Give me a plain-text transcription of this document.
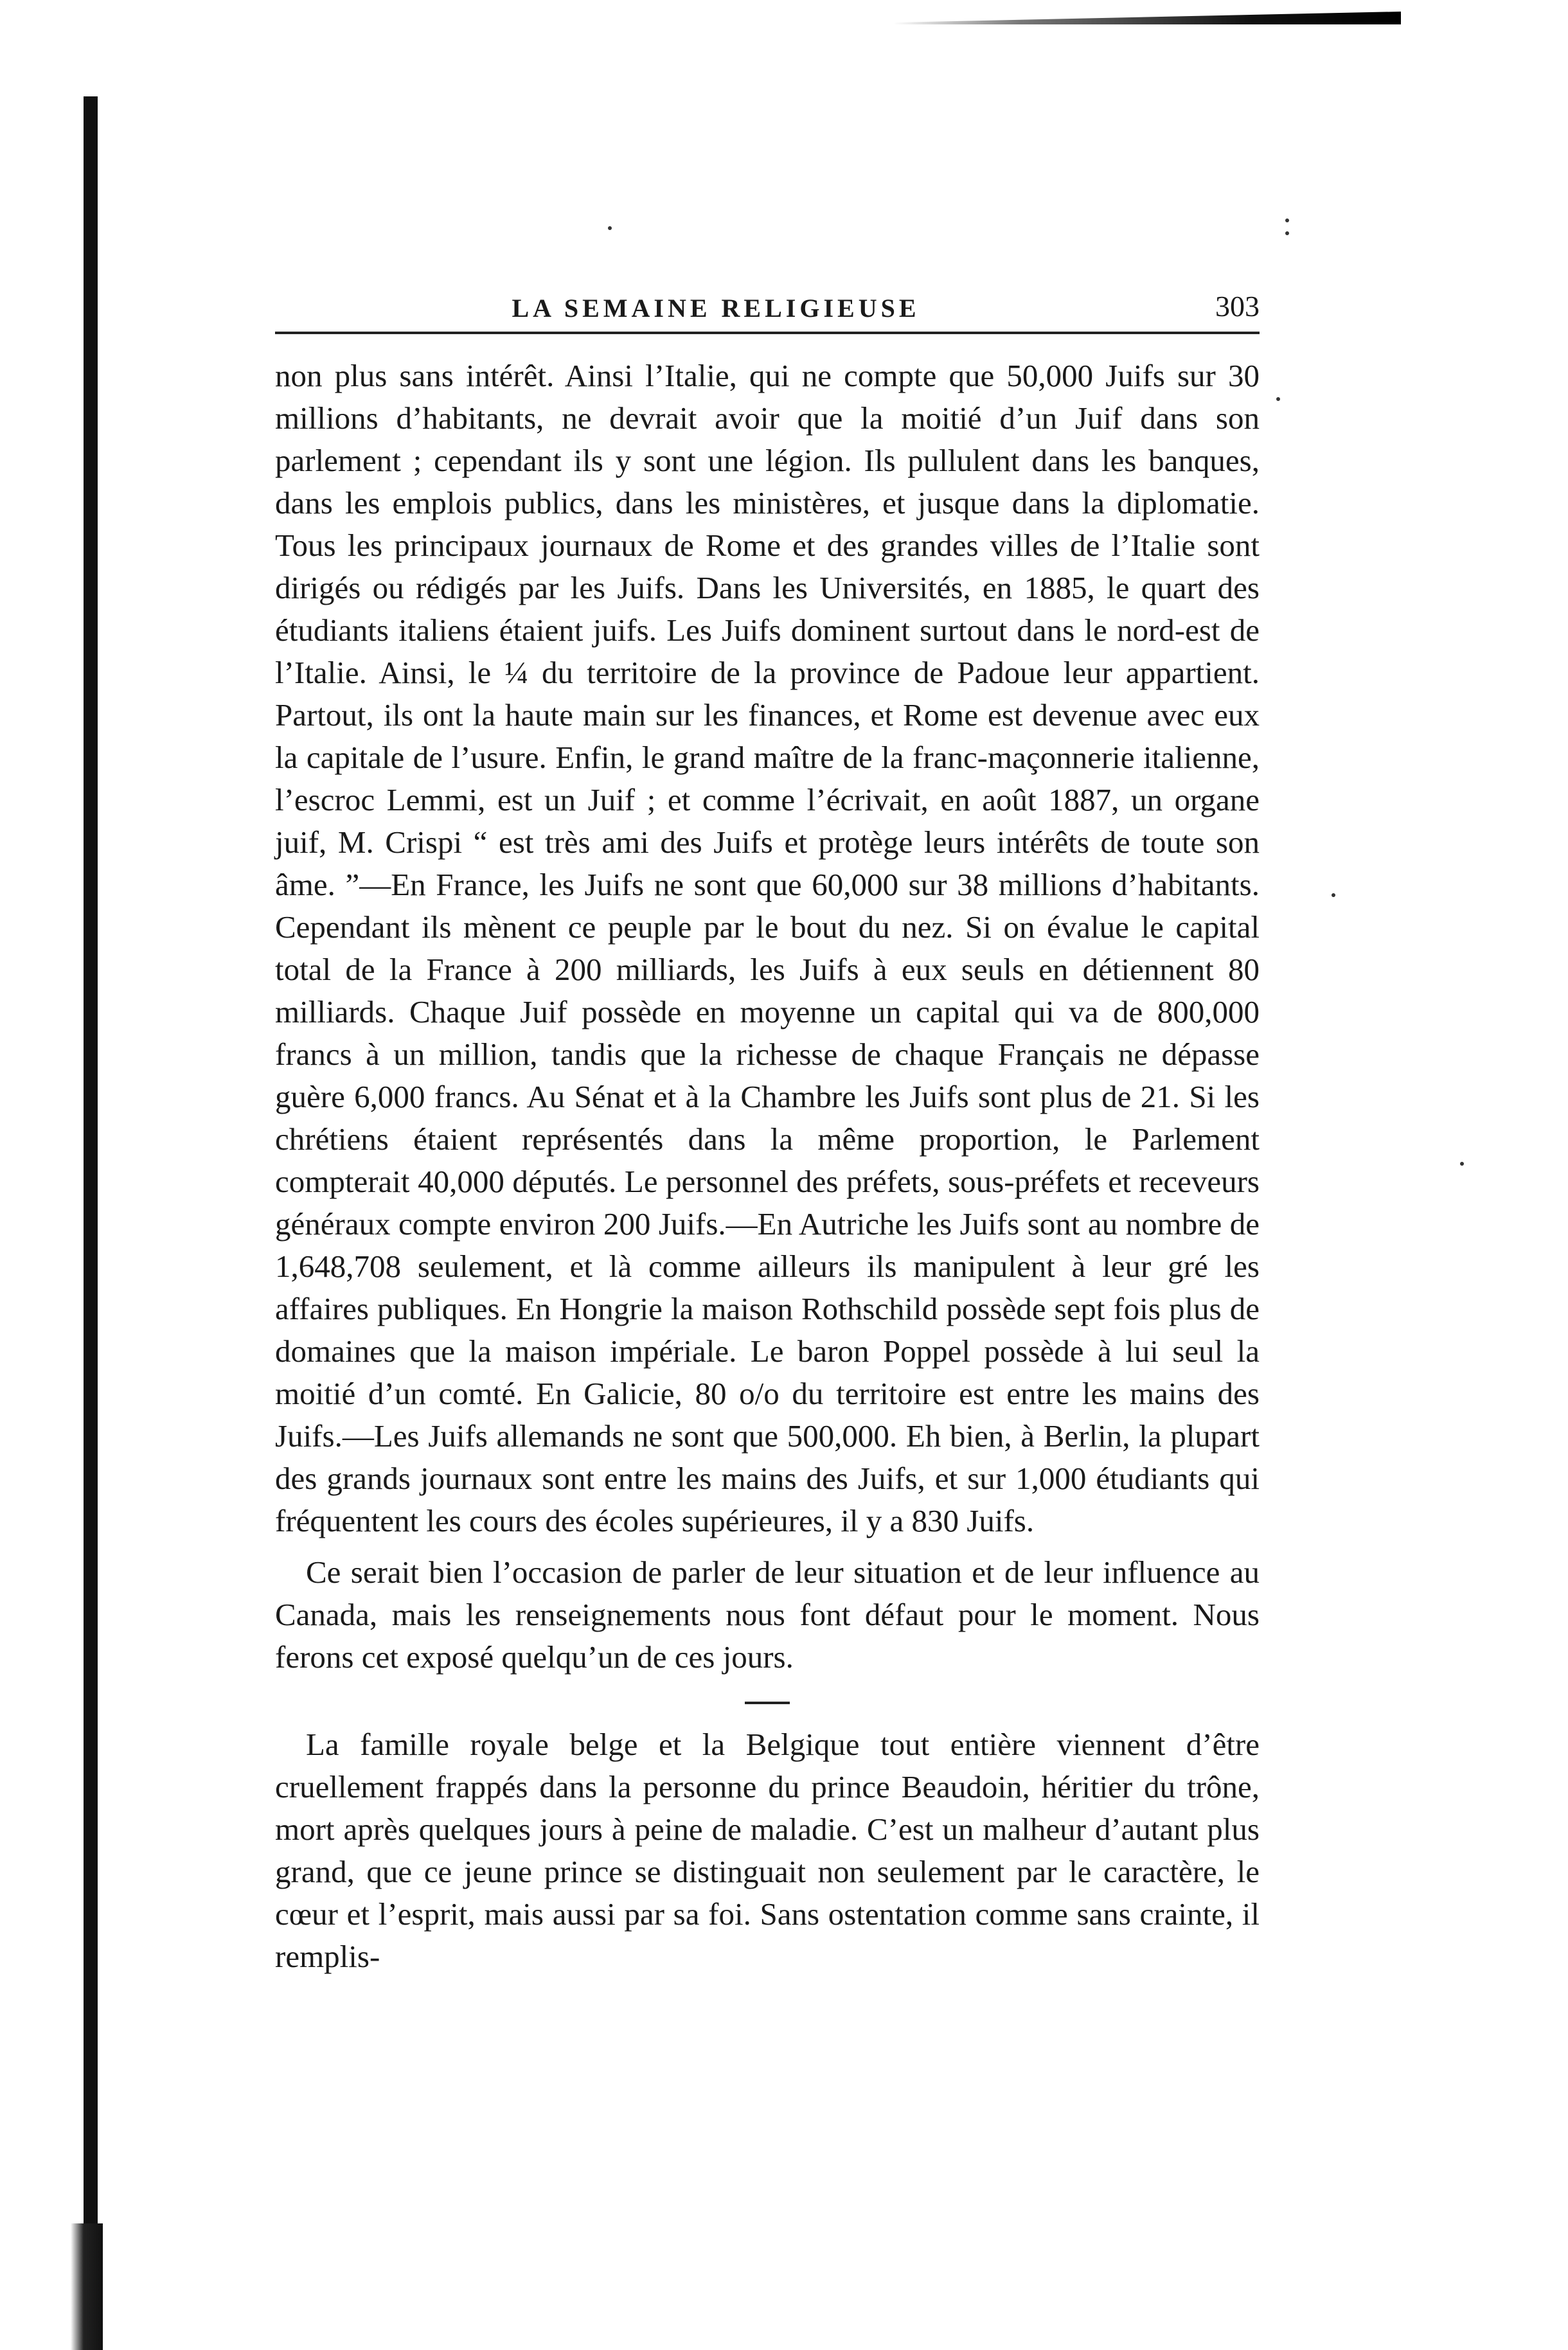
LA SEMAINE RELIGIEUSE	303

non plus sans intérêt. Ainsi l’Italie, qui ne compte que 50,000 Juifs sur 30 millions d’habitants, ne devrait avoir que la moitié d’un Juif dans son parlement ; cependant ils y sont une légion. Ils pullulent dans les banques, dans les emplois publics, dans les ministères, et jusque dans la diplomatie. Tous les principaux journaux de Rome et des grandes villes de l’Italie sont dirigés ou rédigés par les Juifs. Dans les Universités, en 1885, le quart des étudiants italiens étaient juifs. Les Juifs dominent surtout dans le nord-est de l’Italie. Ainsi, le ¼ du territoire de la province de Padoue leur appartient. Partout, ils ont la haute main sur les finances, et Rome est devenue avec eux la capitale de l’usure. Enfin, le grand maître de la franc-maçonnerie italienne, l’escroc Lemmi, est un Juif ; et comme l’écrivait, en août 1887, un organe juif, M. Crispi “ est très ami des Juifs et protège leurs intérêts de toute son âme. ”—En France, les Juifs ne sont que 60,000 sur 38 millions d’habitants. Cependant ils mènent ce peuple par le bout du nez. Si on évalue le capital total de la France à 200 milliards, les Juifs à eux seuls en détiennent 80 milliards. Chaque Juif possède en moyenne un capital qui va de 800,000 francs à un million, tandis que la richesse de chaque Français ne dépasse guère 6,000 francs. Au Sénat et à la Chambre les Juifs sont plus de 21. Si les chrétiens étaient représentés dans la même proportion, le Parlement compterait 40,000 députés. Le personnel des préfets, sous-préfets et receveurs généraux compte environ 200 Juifs.—En Autriche les Juifs sont au nombre de 1,648,708 seulement, et là comme ailleurs ils manipulent à leur gré les affaires publiques. En Hongrie la maison Rothschild possède sept fois plus de domaines que la maison impériale. Le baron Poppel possède à lui seul la moitié d’un comté. En Galicie, 80 o/o du territoire est entre les mains des Juifs.—Les Juifs allemands ne sont que 500,000. Eh bien, à Berlin, la plupart des grands journaux sont entre les mains des Juifs, et sur 1,000 étudiants qui fréquentent les cours des écoles supérieures, il y a 830 Juifs.

Ce serait bien l’occasion de parler de leur situation et de leur influence au Canada, mais les renseignements nous font défaut pour le moment. Nous ferons cet exposé quelqu’un de ces jours.

La famille royale belge et la Belgique tout entière viennent d’être cruellement frappés dans la personne du prince Beaudoin, héritier du trône, mort après quelques jours à peine de maladie. C’est un malheur d’autant plus grand, que ce jeune prince se distinguait non seulement par le caractère, le cœur et l’esprit, mais aussi par sa foi. Sans ostentation comme sans crainte, il remplis-
